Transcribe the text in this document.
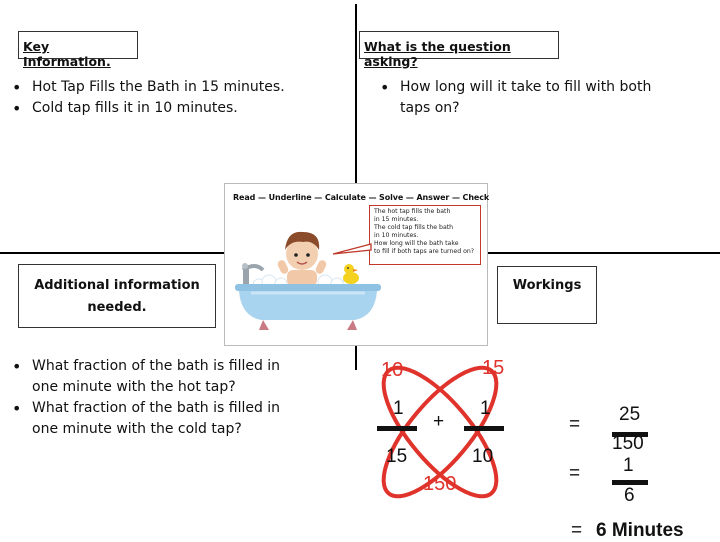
Key Information.
What is the question asking?
Additional information
needed.
Workings
• Hot Tap Fills the Bath in 15 minutes.
• Cold tap fills it in 10 minutes.
• How long will it take to fill with both taps on?
• What fraction of the bath is filled in one minute with the hot tap?
• What fraction of the bath is filled in one minute with the cold tap?
Read — Underline — Calculate — Solve — Answer — Check
The hot tap fills the bath
in 15 minutes.
The cold tap fills the bath
in 10 minutes.
How long will the bath take
to fill if both taps are turned on?
10	15
1
15
+
1
10
150
= 25
150
= 1
6
= 6 Minutes
